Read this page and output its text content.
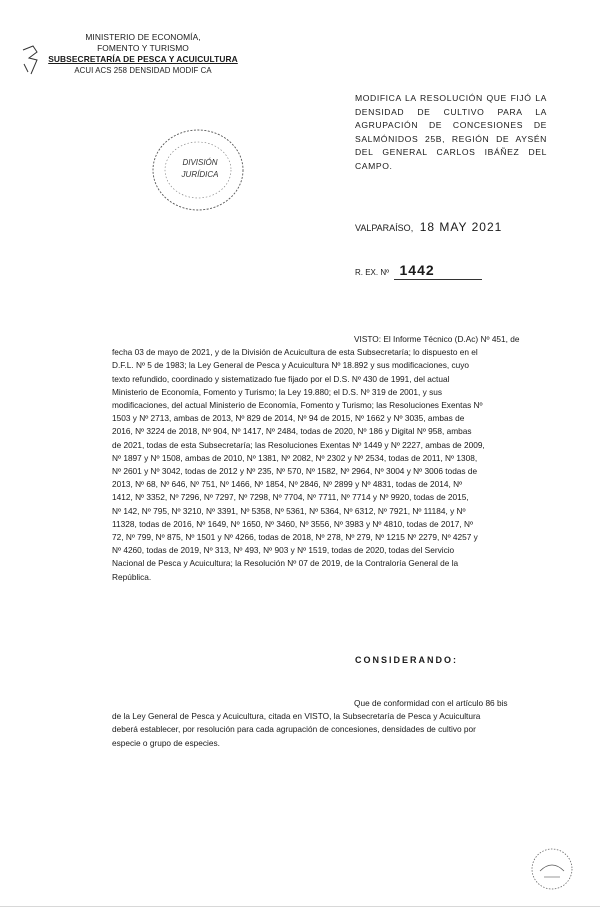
MINISTERIO DE ECONOMÍA,
FOMENTO Y TURISMO
SUBSECRETARÍA DE PESCA Y ACUICULTURA
ACUI ACS 258 DENSIDAD MODIF CA
DIVISIÓN
JURÍDICA
MODIFICA LA RESOLUCIÓN QUE FIJÓ LA DENSIDAD DE CULTIVO PARA LA AGRUPACIÓN DE CONCESIONES DE SALMÓNIDOS 25B, REGIÓN DE AYSÉN DEL GENERAL CARLOS IBÁÑEZ DEL CAMPO.
VALPARAÍSO, 18 MAY 2021
R. EX. Nº 1442
VISTO: El Informe Técnico (D.Ac) Nº 451, de
fecha 03 de mayo de 2021, y de la División de Acuicultura de esta Subsecretaría; lo dispuesto en el
D.F.L. Nº 5 de 1983; la Ley General de Pesca y Acuicultura Nº 18.892 y sus modificaciones, cuyo
texto refundido, coordinado y sistematizado fue fijado por el D.S. Nº 430 de 1991, del actual
Ministerio de Economía, Fomento y Turismo; la Ley 19.880; el D.S. Nº 319 de 2001, y sus
modificaciones, del actual Ministerio de Economía, Fomento y Turismo; las Resoluciones Exentas Nº
1503 y Nº 2713, ambas de 2013, Nº 829 de 2014, Nº 94 de 2015, Nº 1662 y Nº 3035, ambas de
2016, Nº 3224 de 2018, Nº 904, Nº 1417, Nº 2484, todas de 2020, Nº 186 y Digital Nº 958, ambas
de 2021, todas de esta Subsecretaría; las Resoluciones Exentas Nº 1449 y Nº 2227, ambas de 2009,
Nº 1897 y Nº 1508, ambas de 2010, Nº 1381, Nº 2082, Nº 2302 y Nº 2534, todas de 2011, Nº 1308,
Nº 2601 y Nº 3042, todas de 2012 y Nº 235, Nº 570, Nº 1582, Nº 2964, Nº 3004 y Nº 3006 todas de
2013, Nº 68, Nº 646, Nº 751, Nº 1466, Nº 1854, Nº 2846, Nº 2899 y Nº 4831, todas de 2014, Nº
1412, Nº 3352, Nº 7296, Nº 7297, Nº 7298, Nº 7704, Nº 7711, Nº 7714 y Nº 9920, todas de 2015,
Nº 142, Nº 795, Nº 3210, Nº 3391, Nº 5358, Nº 5361, Nº 5364, Nº 6312, Nº 7921, Nº 11184, y Nº
11328, todas de 2016, Nº 1649, Nº 1650, Nº 3460, Nº 3556, Nº 3983 y Nº 4810, todas de 2017, Nº
72, Nº 799, Nº 875, Nº 1501 y Nº 4266, todas de 2018, Nº 278, Nº 279, Nº 1215 Nº 2279, Nº 4257 y
Nº 4260, todas de 2019, Nº 313, Nº 493, Nº 903 y Nº 1519, todas de 2020, todas del Servicio
Nacional de Pesca y Acuicultura; la Resolución Nº 07 de 2019, de la Contraloría General de la
República.
CONSIDERANDO:
Que de conformidad con el artículo 86 bis
de la Ley General de Pesca y Acuicultura, citada en VISTO, la Subsecretaría de Pesca y Acuicultura
deberá establecer, por resolución para cada agrupación de concesiones, densidades de cultivo por
especie o grupo de especies.
